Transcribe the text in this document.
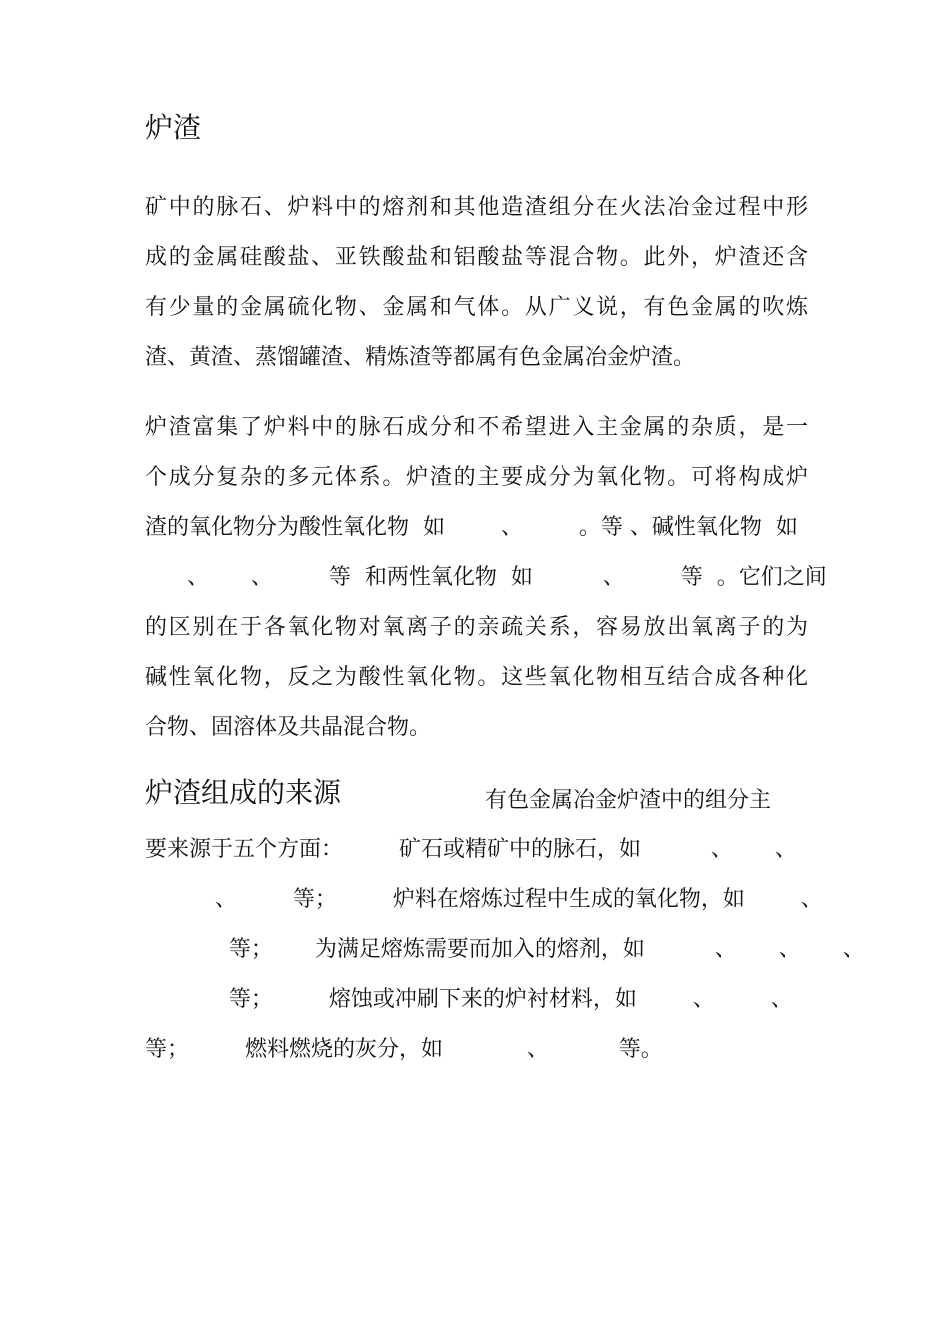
炉渣
矿中的脉石、炉料中的熔剂和其他造渣组分在火法冶金过程中形
成的金属硅酸盐、亚铁酸盐和铝酸盐等混合物。此外，炉渣还含
有少量的金属硫化物、金属和气体。从广义说，有色金属的吹炼
渣、黄渣、蒸馏罐渣、精炼渣等都属有色金属冶金炉渣。
炉渣富集了炉料中的脉石成分和不希望进入主金属的杂质，是一
个成分复杂的多元体系。炉渣的主要成分为氧化物。可将构成炉
渣的氧化物分为酸性氧化物  如        、        。等 、碱性氧化物  如
、      、        等  和两性氧化物  如          、        等  。它们之间
的区别在于各氧化物对氧离子的亲疏关系，容易放出氧离子的为
碱性氧化物，反之为酸性氧化物。这些氧化物相互结合成各种化
合物、固溶体及共晶混合物。
炉渣组成的来源	有色金属冶金炉渣中的组分主
要来源于五个方面：        矿石或精矿中的脉石，如          、      、
、        等；        炉料在熔炼过程中生成的氧化物，如        、
等；      为满足熔炼需要而加入的熔剂，如          、      、      、
等；        熔蚀或冲刷下来的炉衬材料，如        、        、
等；        燃料燃烧的灰分，如            、          等。
